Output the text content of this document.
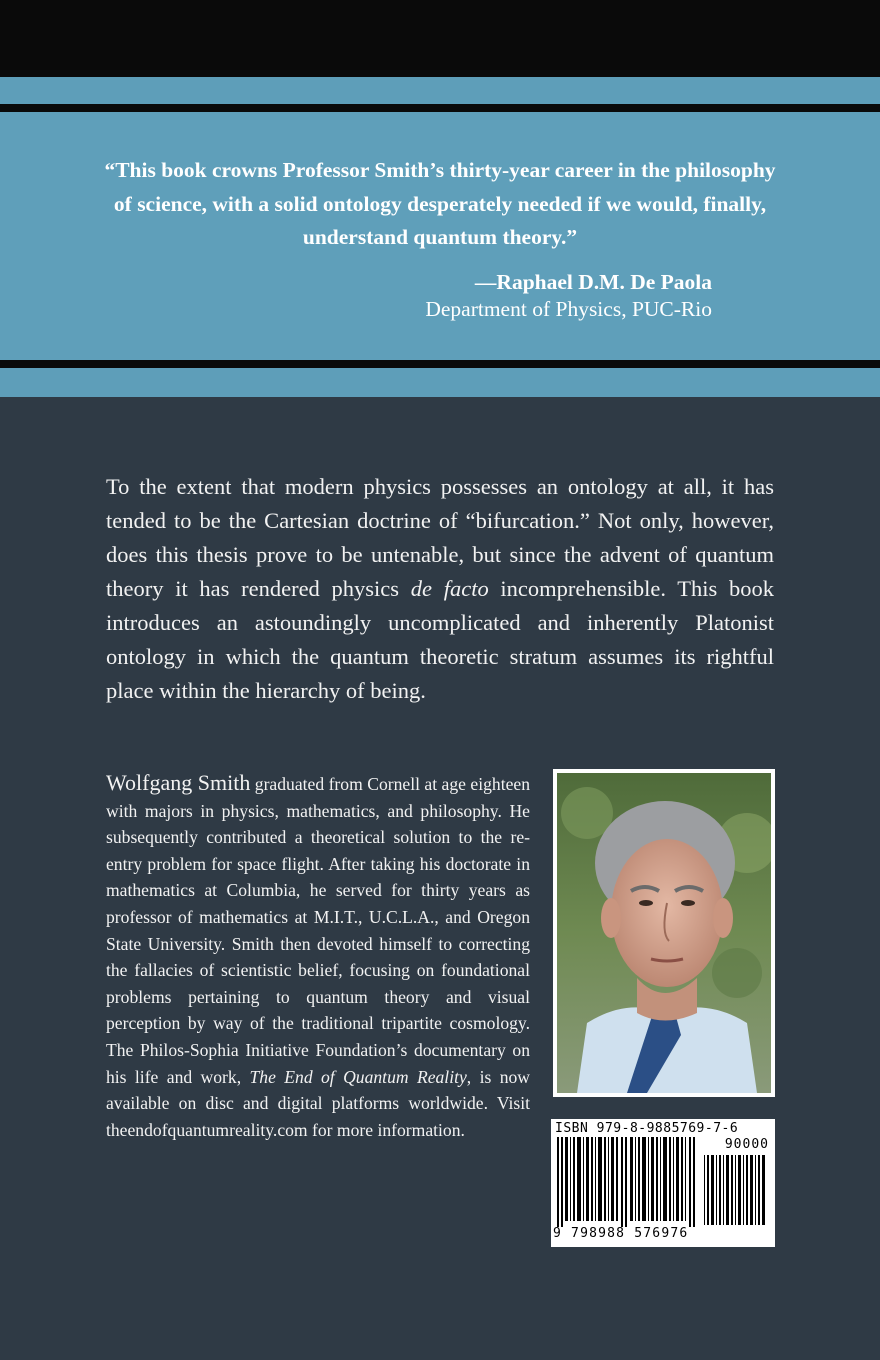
“This book crowns Professor Smith’s thirty-year career in the philosophy of science, with a solid ontology desperately needed if we would, finally, understand quantum theory.”

—Raphael D.M. De Paola

Department of Physics, PUC-Rio

To the extent that modern physics possesses an ontology at all, it has tended to be the Cartesian doctrine of “bifurcation.” Not only, however, does this thesis prove to be untenable, but since the advent of quantum theory it has rendered physics de facto incomprehensible. This book introduces an astoundingly uncomplicated and inherently Platonist ontology in which the quantum theoretic stratum assumes its rightful place within the hierarchy of being.

Wolfgang Smith graduated from Cornell at age eighteen with majors in physics, mathematics, and philosophy. He subsequently contributed a theoretical solution to the re-entry problem for space flight. After taking his doctorate in mathematics at Columbia, he served for thirty years as professor of mathematics at M.I.T., U.C.L.A., and Oregon State University. Smith then devoted himself to correcting the fallacies of scientistic belief, focusing on foundational problems pertaining to quantum theory and visual perception by way of the traditional tripartite cosmology. The Philos-Sophia Initiative Foundation’s documentary on his life and work, The End of Quantum Reality, is now available on disc and digital platforms worldwide. Visit theendofquantumreality.com for more information.	ISBN 979-8-9885769-7-6
90000
9 798988 576976
